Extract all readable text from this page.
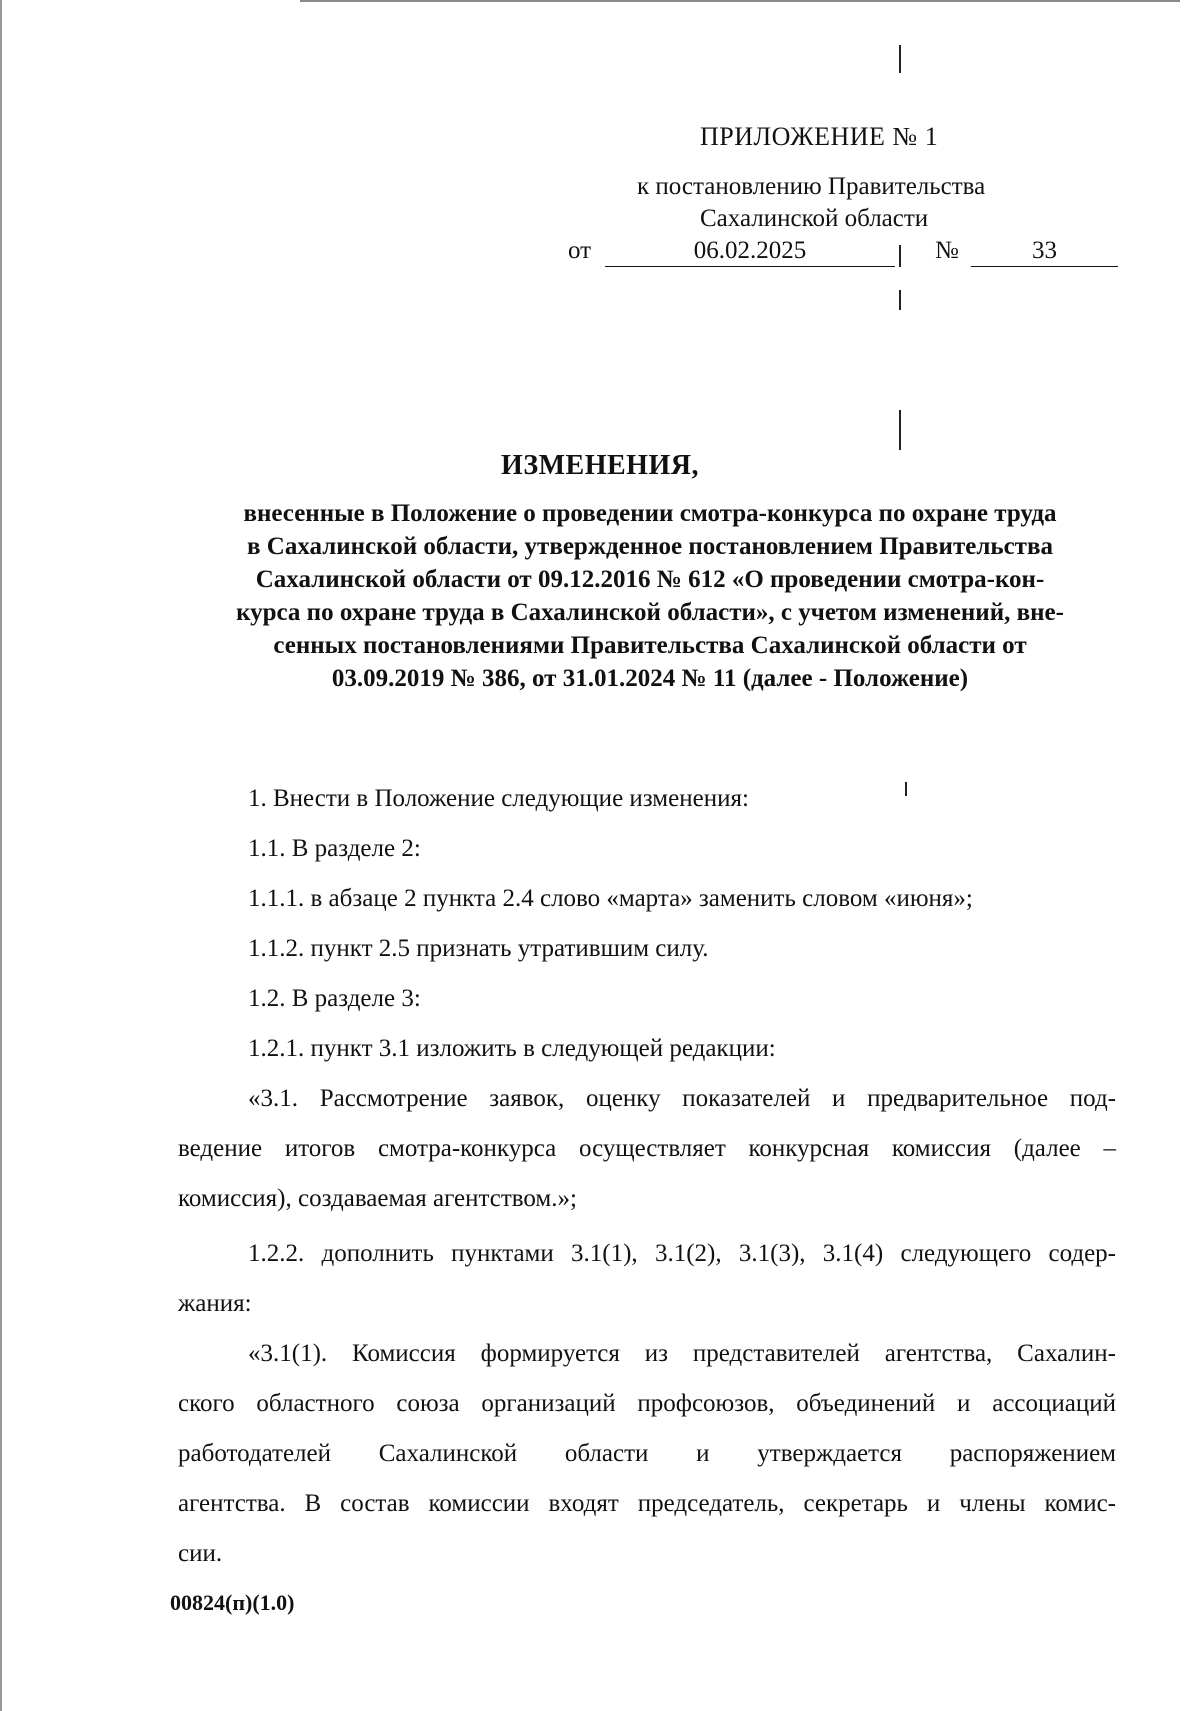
ПРИЛОЖЕНИЕ № 1
к постановлению Правительства
Сахалинской области
от	06.02.2025	№	33
ИЗМЕНЕНИЯ,
внесенные в Положение о проведении смотра-конкурса по охране труда
в Сахалинской области, утвержденное постановлением Правительства
Сахалинской области от 09.12.2016 № 612 «О проведении смотра-кон-
курса по охране труда в Сахалинской области», с учетом изменений, вне-
сенных постановлениями Правительства Сахалинской области от
03.09.2019 № 386, от 31.01.2024 № 11 (далее - Положение)
1. Внести в Положение следующие изменения:
1.1. В разделе 2:
1.1.1. в абзаце 2 пункта 2.4 слово «марта» заменить словом «июня»;
1.1.2. пункт 2.5 признать утратившим силу.
1.2. В разделе 3:
1.2.1. пункт 3.1 изложить в следующей редакции:
«3.1. Рассмотрение заявок, оценку показателей и предварительное под-
ведение итогов смотра-конкурса осуществляет конкурсная комиссия (далее –
комиссия), создаваемая агентством.»;
1.2.2. дополнить пунктами 3.1(1), 3.1(2), 3.1(3), 3.1(4) следующего содер-
жания:
«3.1(1). Комиссия формируется из представителей агентства, Сахалин-
ского областного союза организаций профсоюзов, объединений и ассоциаций
работодателей Сахалинской области и утверждается распоряжением
агентства. В состав комиссии входят председатель, секретарь и члены комис-
сии.
00824(п)(1.0)
